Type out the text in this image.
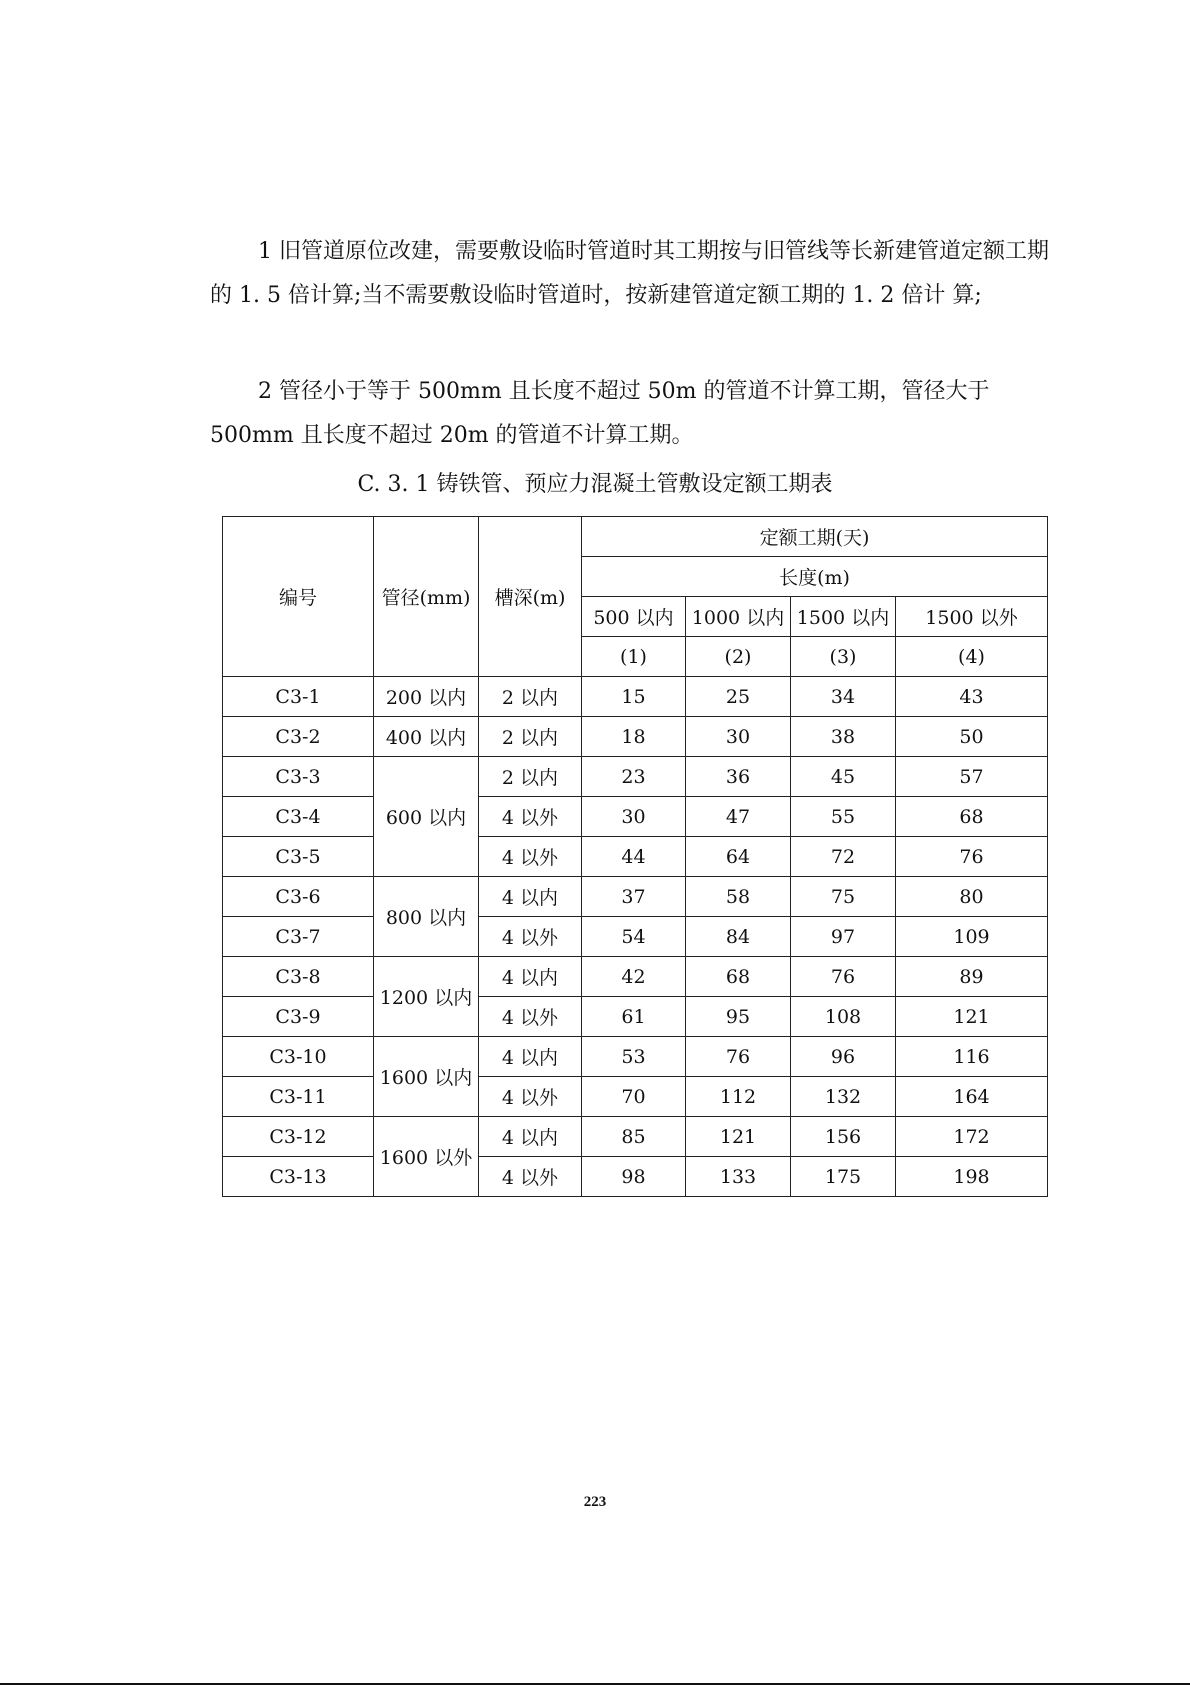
1 旧管道原位改建，需要敷设临时管道时其工期按与旧管线等长新建管道定额工期的 1. 5 倍计算;当不需要敷设临时管道时，按新建管道定额工期的 1. 2 倍计 算;

2 管径小于等于 500mm 且长度不超过 50m 的管道不计算工期，管径大于 500mm 且长度不超过 20m 的管道不计算工期。

C. 3. 1 铸铁管、预应力混凝土管敷设定额工期表
编号	管径(mm)	槽深(m)	定额工期(天)			
			长度(m)			
			500 以内	1000 以内	1500 以内	1500 以外
			(1)	(2)	(3)	(4)
C3-1	200 以内	2 以内	15	25	34	43
C3-2	400 以内	2 以内	18	30	38	50
C3-3	600 以内	2 以内	23	36	45	57
C3-4		4 以外	30	47	55	68
C3-5		4 以外	44	64	72	76
C3-6	800 以内	4 以内	37	58	75	80
C3-7		4 以外	54	84	97	109
C3-8	1200 以内	4 以内	42	68	76	89
C3-9		4 以外	61	95	108	121
C3-10	1600 以内	4 以内	53	76	96	116
C3-11		4 以外	70	112	132	164
C3-12	1600 以外	4 以内	85	121	156	172
C3-13		4 以外	98	133	175	198
223
